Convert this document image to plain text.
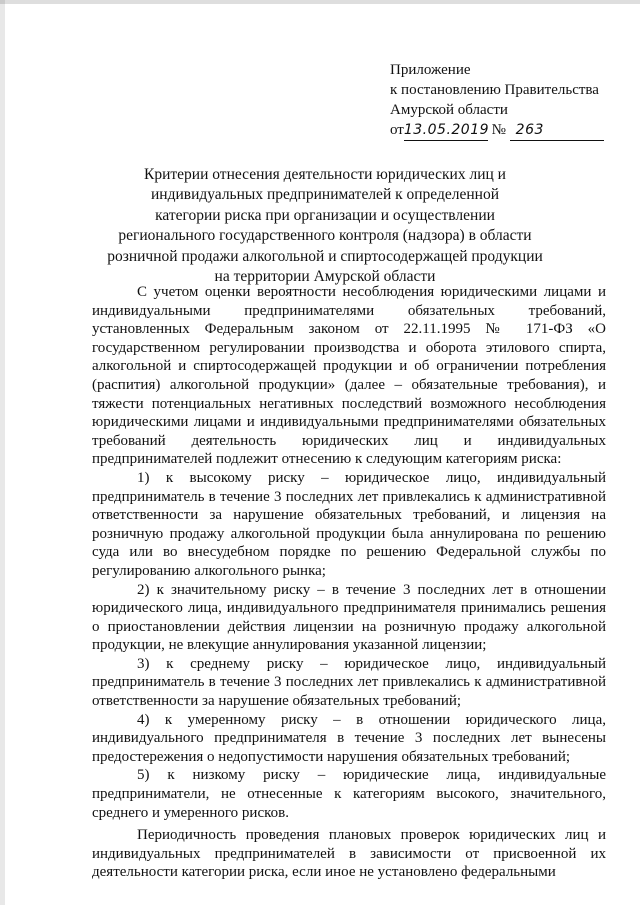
Приложение
к постановлению Правительства
Амурской области
от13.05.2019 № 263
Критерии отнесения деятельности юридических лиц и
индивидуальных предпринимателей к определенной
категории риска при организации и осуществлении
регионального государственного контроля (надзора) в области
розничной продажи алкогольной и спиртосодержащей продукции
на территории Амурской области

С учетом оценки вероятности несоблюдения юридическими лицами и индивидуальными предпринимателями обязательных требований, установленных Федеральным законом от 22.11.1995 № 171-ФЗ «О государственном регулировании производства и оборота этилового спирта, алкогольной и спиртосодержащей продукции и об ограничении потребления (распития) алкогольной продукции» (далее – обязательные требования), и тяжести потенциальных негативных последствий возможного несоблюдения юридическими лицами и индивидуальными предпринимателями обязательных требований деятельность юридических лиц и индивидуальных предпринимателей подлежит отнесению к следующим категориям риска:

1) к высокому риску – юридическое лицо, индивидуальный предприниматель в течение 3 последних лет привлекались к административной ответственности за нарушение обязательных требований, и лицензия на розничную продажу алкогольной продукции была аннулирована по решению суда или во внесудебном порядке по решению Федеральной службы по регулированию алкогольного рынка;

2) к значительному риску – в течение 3 последних лет в отношении юридического лица, индивидуального предпринимателя принимались решения о приостановлении действия лицензии на розничную продажу алкогольной продукции, не влекущие аннулирования указанной лицензии;

3) к среднему риску – юридическое лицо, индивидуальный предприниматель в течение 3 последних лет привлекались к административной ответственности за нарушение обязательных требований;

4) к умеренному риску – в отношении юридического лица, индивидуального предпринимателя в течение 3 последних лет вынесены предостережения о недопустимости нарушения обязательных требований;

5) к низкому риску – юридические лица, индивидуальные предприниматели, не отнесенные к категориям высокого, значительного, среднего и умеренного рисков.

Периодичность проведения плановых проверок юридических лиц и индивидуальных предпринимателей в зависимости от присвоенной их деятельности категории риска, если иное не установлено федеральными
